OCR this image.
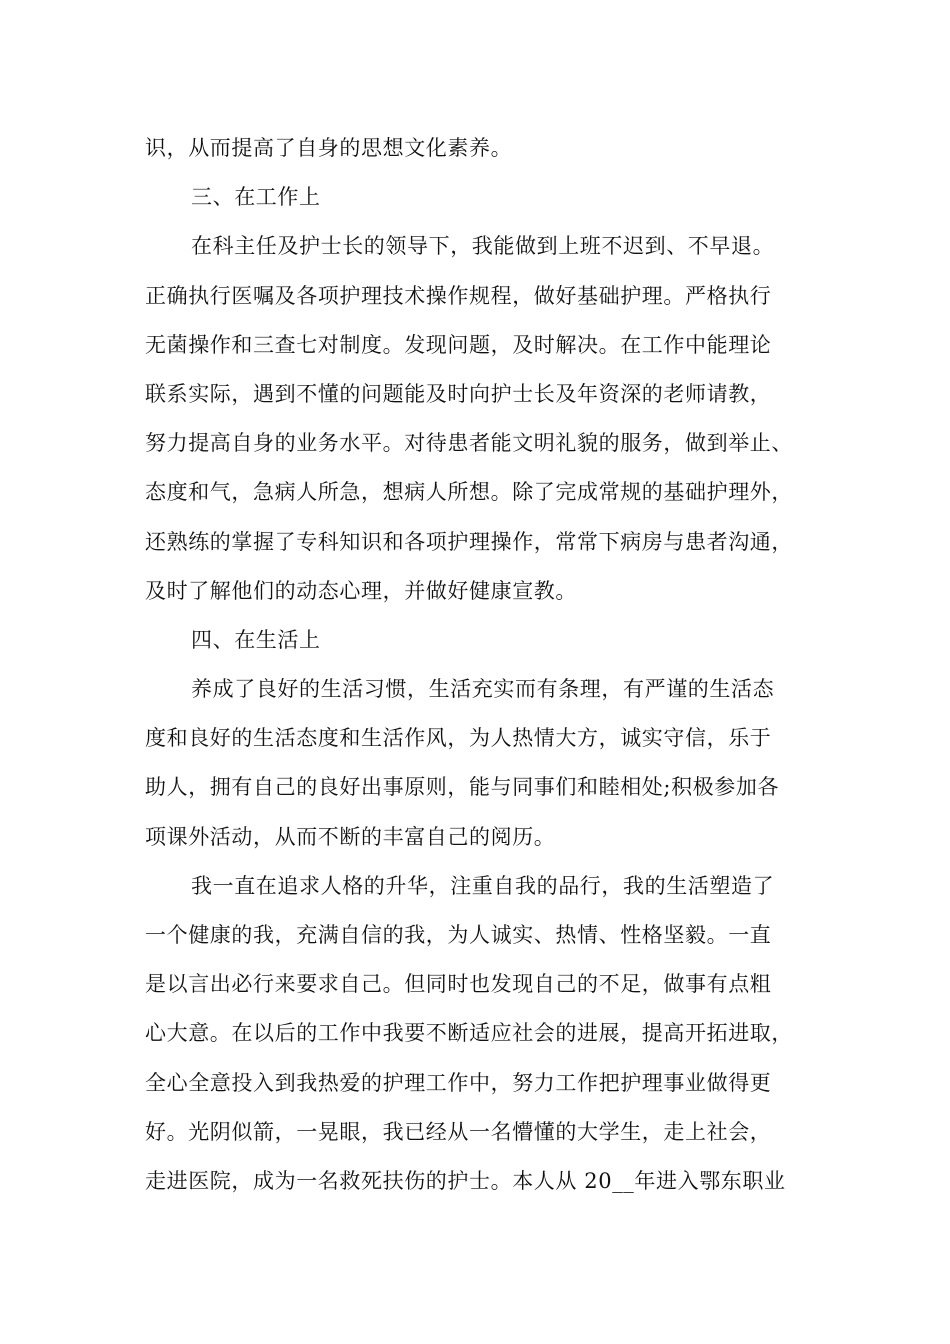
识，从而提高了自身的思想文化素养。
三、在工作上
在科主任及护士长的领导下，我能做到上班不迟到、不早退。
正确执行医嘱及各项护理技术操作规程，做好基础护理。严格执行
无菌操作和三查七对制度。发现问题，及时解决。在工作中能理论
联系实际，遇到不懂的问题能及时向护士长及年资深的老师请教，
努力提高自身的业务水平。对待患者能文明礼貌的服务，做到举止、
态度和气，急病人所急，想病人所想。除了完成常规的基础护理外，
还熟练的掌握了专科知识和各项护理操作，常常下病房与患者沟通，
及时了解他们的动态心理，并做好健康宣教。
四、在生活上
养成了良好的生活习惯，生活充实而有条理，有严谨的生活态
度和良好的生活态度和生活作风，为人热情大方，诚实守信，乐于
助人，拥有自己的良好出事原则，能与同事们和睦相处;积极参加各
项课外活动，从而不断的丰富自己的阅历。
我一直在追求人格的升华，注重自我的品行，我的生活塑造了
一个健康的我，充满自信的我，为人诚实、热情、性格坚毅。一直
是以言出必行来要求自己。但同时也发现自己的不足，做事有点粗
心大意。在以后的工作中我要不断适应社会的进展，提高开拓进取，
全心全意投入到我热爱的护理工作中，努力工作把护理事业做得更
好。光阴似箭，一晃眼，我已经从一名懵懂的大学生，走上社会，
走进医院，成为一名救死扶伤的护士。本人从 20__年进入鄂东职业
